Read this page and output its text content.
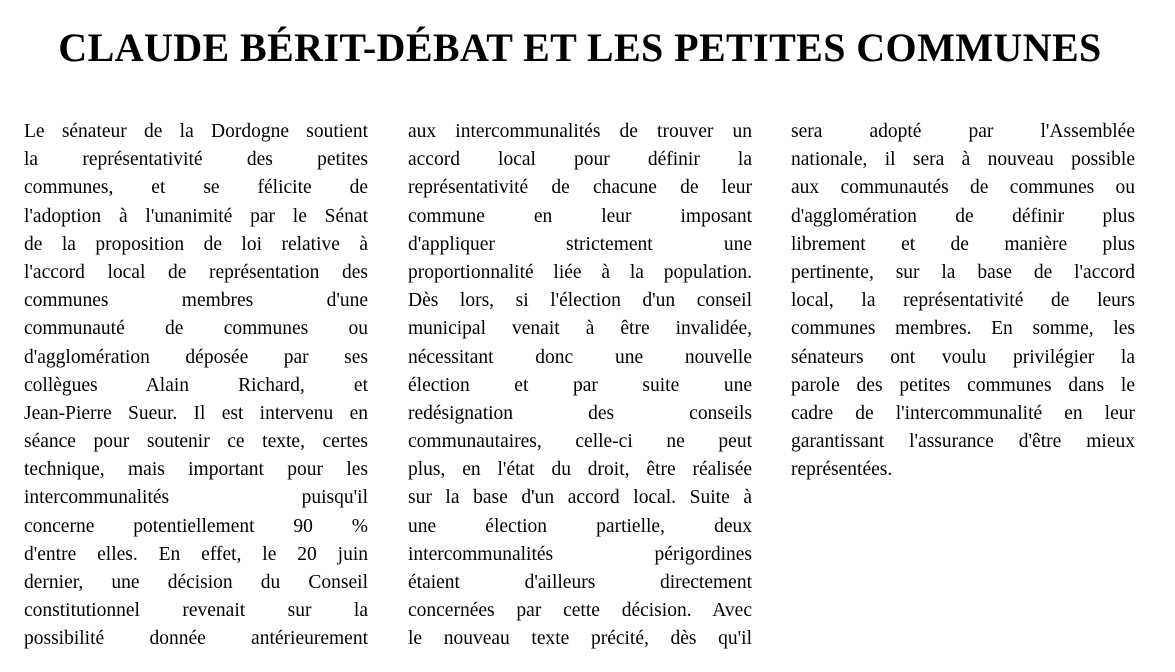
CLAUDE BÉRIT-DÉBAT ET LES PETITES COMMUNES
Le sénateur de la Dordogne soutient
la représentativité des petites
communes, et se félicite de
l'adoption à l'unanimité par le Sénat
de la proposition de loi relative à
l'accord local de représentation des
communes membres d'une
communauté de communes ou
d'agglomération déposée par ses
collègues Alain Richard, et
Jean-Pierre Sueur. Il est intervenu en
séance pour soutenir ce texte, certes
technique, mais important pour les
intercommunalités puisqu'il
concerne potentiellement 90 %
d'entre elles. En effet, le 20 juin
dernier, une décision du Conseil
constitutionnel revenait sur la
possibilité donnée antérieurement
aux intercommunalités de trouver un
accord local pour définir la
représentativité de chacune de leur
commune en leur imposant
d'appliquer strictement une
proportionnalité liée à la population.
Dès lors, si l'élection d'un conseil
municipal venait à être invalidée,
nécessitant donc une nouvelle
élection et par suite une
redésignation des conseils
communautaires, celle-ci ne peut
plus, en l'état du droit, être réalisée
sur la base d'un accord local. Suite à
une élection partielle, deux
intercommunalités périgordines
étaient d'ailleurs directement
concernées par cette décision. Avec
le nouveau texte précité, dès qu'il
sera adopté par l'Assemblée
nationale, il sera à nouveau possible
aux communautés de communes ou
d'agglomération de définir plus
librement et de manière plus
pertinente, sur la base de l'accord
local, la représentativité de leurs
communes membres. En somme, les
sénateurs ont voulu privilégier la
parole des petites communes dans le
cadre de l'intercommunalité en leur
garantissant l'assurance d'être mieux
représentées.
